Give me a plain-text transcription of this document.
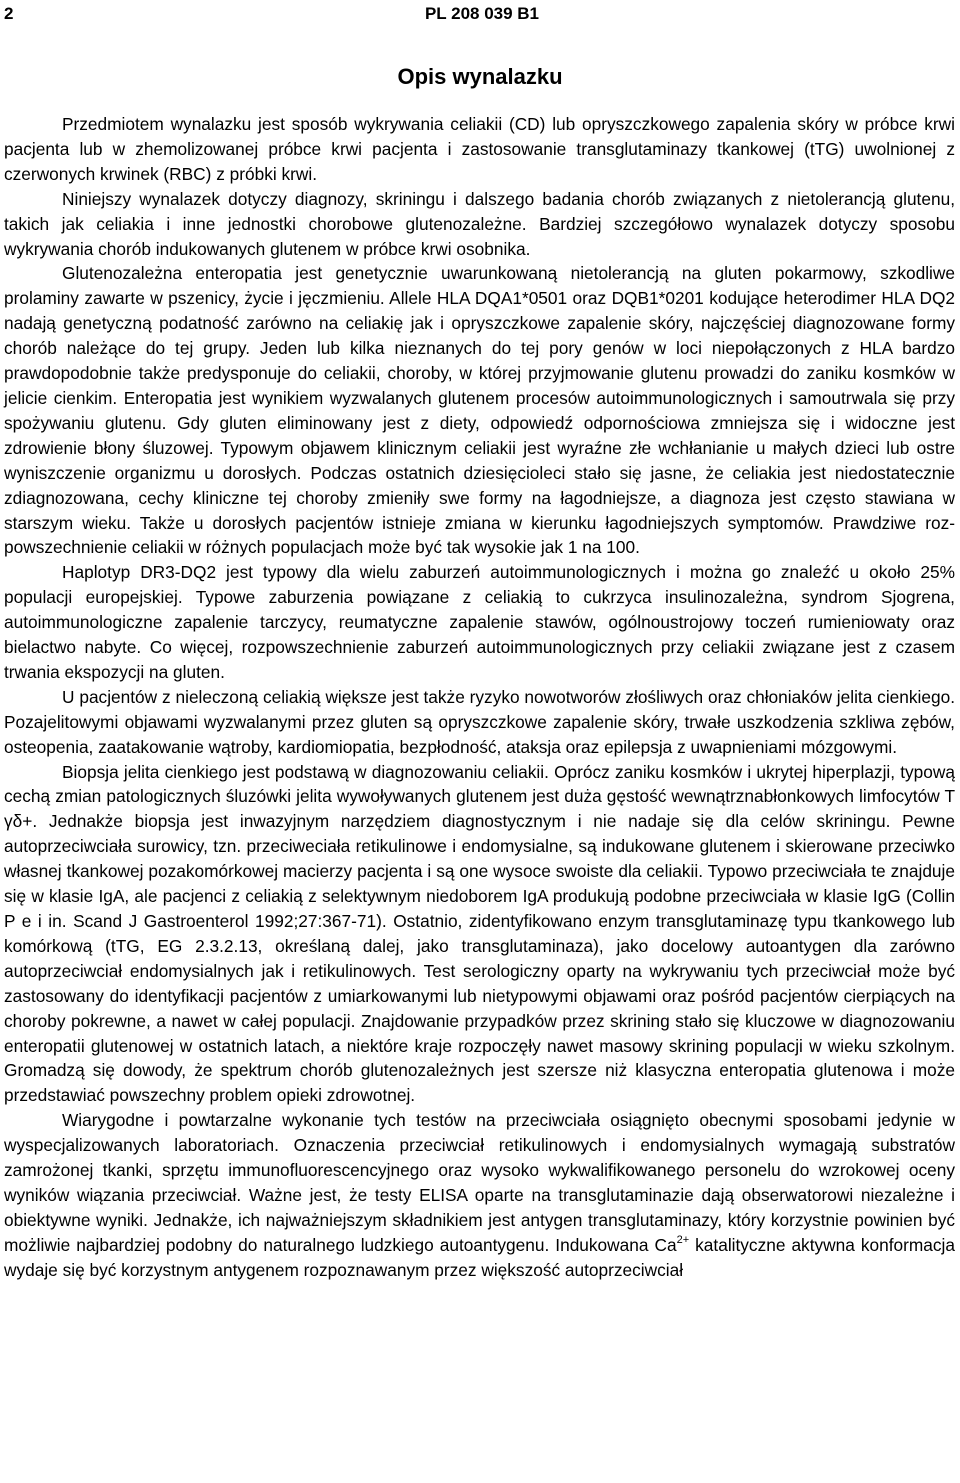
2	PL 208 039 B1
Opis wynalazku

Przedmiotem wynalazku jest sposób wykrywania celiakii (CD) lub opryszczkowego zapalenia skóry w próbce krwi pacjenta lub w zhemolizowanej próbce krwi pacjenta i zastosowanie transglutaminazy tkankowej (tTG) uwolnionej z czerwonych krwinek (RBC) z próbki krwi.

Niniejszy wynalazek dotyczy diagnozy, skriningu i dalszego badania chorób związanych z nietolerancją glutenu, takich jak celiakia i inne jednostki chorobowe glutenozależne. Bardziej szczegółowo wynalazek dotyczy sposobu wykrywania chorób indukowanych glutenem w próbce krwi osobnika.

Glutenozależna enteropatia jest genetycznie uwarunkowaną nietolerancją na gluten pokarmowy, szkodliwe prolaminy zawarte w pszenicy, życie i jęczmieniu. Allele HLA DQA1*0501 oraz DQB1*0201 kodujące heterodimer HLA DQ2 nadają genetyczną podatność zarówno na celiakię jak i opryszczkowe zapalenie skóry, najczęściej diagnozowane formy chorób należące do tej grupy. Jeden lub kilka nieznanych do tej pory genów w loci niepołączonych z HLA bardzo prawdopodobnie także predysponuje do celiakii, choroby, w której przyjmowanie glutenu prowadzi do zaniku kosmków w jelicie cienkim. Enteropatia jest wynikiem wyzwalanych glutenem procesów autoimmunologicznych i samoutrwala się przy spożywaniu glutenu. Gdy gluten eliminowany jest z diety, odpowiedź odpornościowa zmniejsza się i widoczne jest zdrowienie błony śluzowej. Typowym objawem klinicznym celiakii jest wyraźne złe wchłanianie u małych dzieci lub ostre wyniszczenie organizmu u dorosłych. Podczas ostatnich dziesięcioleci stało się jasne, że celiakia jest niedostatecznie zdiagnozowana, cechy kliniczne tej choroby zmieniły swe formy na łagodniejsze, a diagnoza jest często stawiana w starszym wieku. Także u dorosłych pacjentów istnieje zmiana w kierunku łagodniejszych symptomów. Prawdziwe rozpowszechnienie celiakii w różnych populacjach może być tak wysokie jak 1 na 100.

Haplotyp DR3-DQ2 jest typowy dla wielu zaburzeń autoimmunologicznych i można go znaleźć u około 25% populacji europejskiej. Typowe zaburzenia powiązane z celiakią to cukrzyca insulinozależna, syndrom Sjogrena, autoimmunologiczne zapalenie tarczycy, reumatyczne zapalenie stawów, ogólnoustrojowy toczeń rumieniowaty oraz bielactwo nabyte. Co więcej, rozpowszechnienie zaburzeń autoimmunologicznych przy celiakii związane jest z czasem trwania ekspozycji na gluten.

U pacjentów z nieleczoną celiakią większe jest także ryzyko nowotworów złośliwych oraz chłoniaków jelita cienkiego. Pozajelitowymi objawami wyzwalanymi przez gluten są opryszczkowe zapalenie skóry, trwałe uszkodzenia szkliwa zębów, osteopenia, zaatakowanie wątroby, kardiomiopatia, bezpłodność, ataksja oraz epilepsja z uwapnieniami mózgowymi.

Biopsja jelita cienkiego jest podstawą w diagnozowaniu celiakii. Oprócz zaniku kosmków i ukrytej hiperplazji, typową cechą zmian patologicznych śluzówki jelita wywoływanych glutenem jest duża gęstość wewnątrznabłonkowych limfocytów T γδ+. Jednakże biopsja jest inwazyjnym narzędziem diagnostycznym i nie nadaje się dla celów skriningu. Pewne autoprzeciwciała surowicy, tzn. przeciweciała retikulinowe i endomysialne, są indukowane glutenem i skierowane przeciwko własnej tkankowej pozakomórkowej macierzy pacjenta i są one wysoce swoiste dla celiakii. Typowo przeciwciała te znajduje się w klasie IgA, ale pacjenci z celiakią z selektywnym niedoborem IgA produkują podobne przeciwciała w klasie IgG (Collin P e i in. Scand J Gastroenterol 1992;27:367-71). Ostatnio, zidentyfikowano enzym transglutaminazę typu tkankowego lub komórkową (tTG, EG 2.3.2.13, określaną dalej, jako transglutaminaza), jako docelowy autoantygen dla zarówno autoprzeciwciał endomysialnych jak i retikulinowych. Test serologiczny oparty na wykrywaniu tych przeciwciał może być zastosowany do identyfikacji pacjentów z umiarkowanymi lub nietypowymi objawami oraz pośród pacjentów cierpiących na choroby pokrewne, a nawet w całej populacji. Znajdowanie przypadków przez skrining stało się kluczowe w diagnozowaniu enteropatii glutenowej w ostatnich latach, a niektóre kraje rozpoczęły nawet masowy skrining populacji w wieku szkolnym. Gromadzą się dowody, że spektrum chorób glutenozależnych jest szersze niż klasyczna enteropatia glutenowa i może przedstawiać powszechny problem opieki zdrowotnej.

Wiarygodne i powtarzalne wykonanie tych testów na przeciwciała osiągnięto obecnymi sposobami jedynie w wyspecjalizowanych laboratoriach. Oznaczenia przeciwciał retikulinowych i endomysialnych wymagają substratów zamrożonej tkanki, sprzętu immunofluorescencyjnego oraz wysoko wykwalifikowanego personelu do wzrokowej oceny wyników wiązania przeciwciał. Ważne jest, że testy ELISA oparte na transglutaminazie dają obserwatorowi niezależne i obiektywne wyniki. Jednakże, ich najważniejszym składnikiem jest antygen transglutaminazy, który korzystnie powinien być możliwie najbardziej podobny do naturalnego ludzkiego autoantygenu. Indukowana $Ca^{2+}$ katalityczne aktywna konformacja wydaje się być korzystnym antygenem rozpoznawanym przez większość autoprzeciwciał
